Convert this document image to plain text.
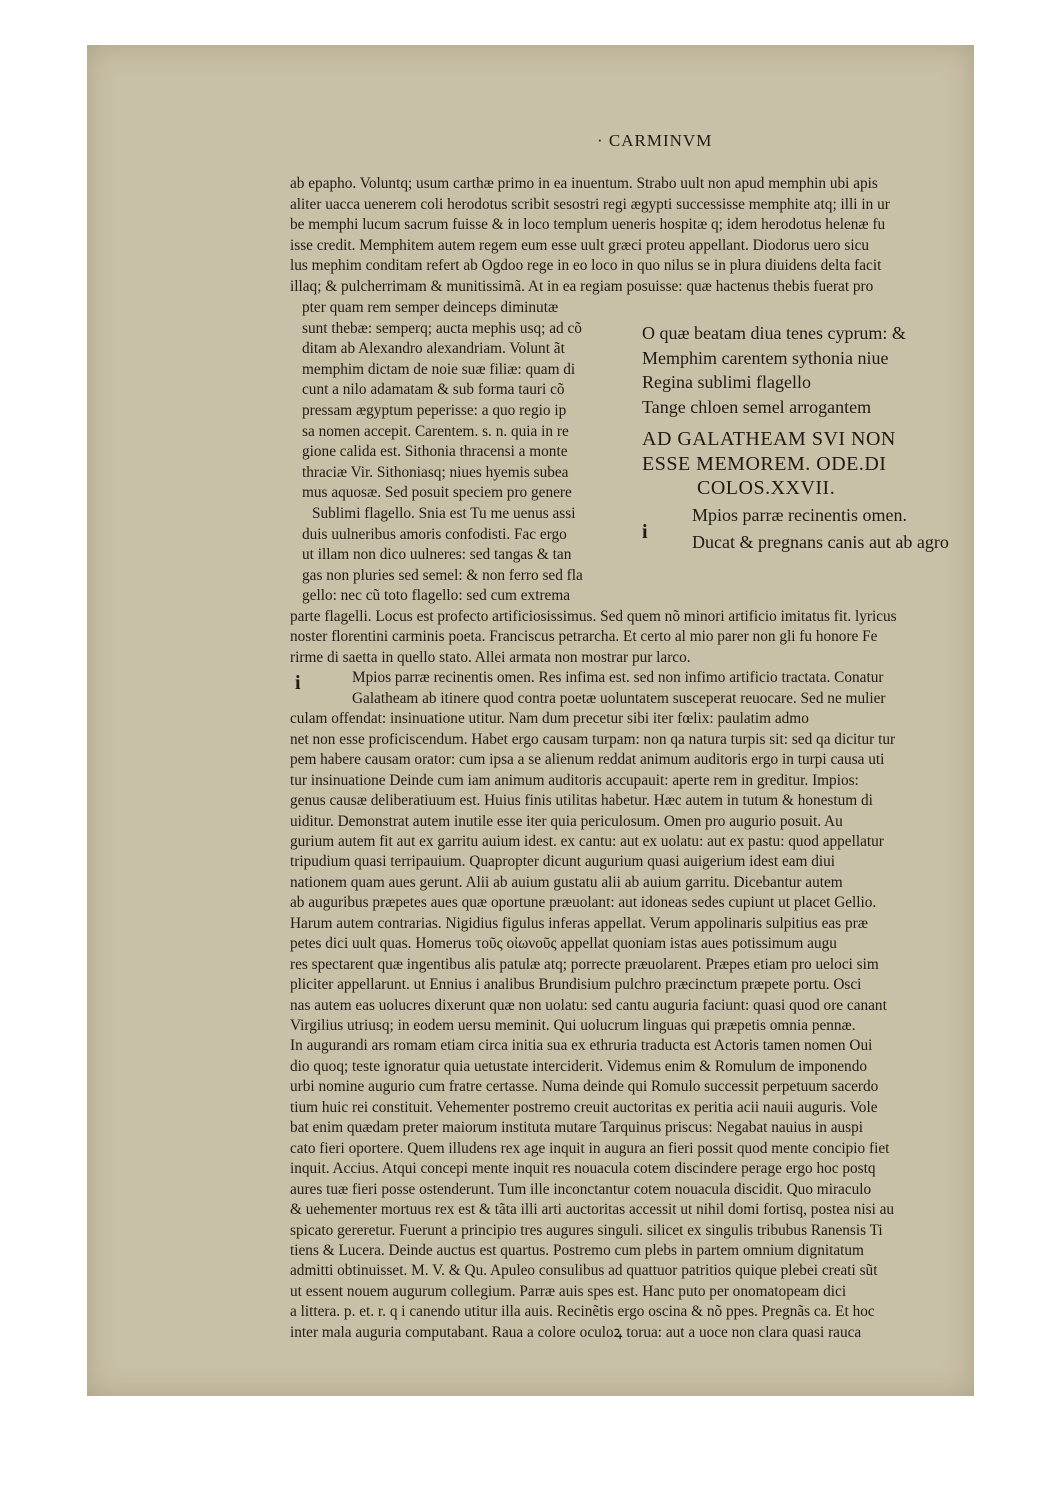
· CARMINVM
ab epapho. Voluntq; usum carthæ primo in ea inuentum. Strabo uult non apud memphin ubi apis
aliter uacca uenerem coli herodotus scribit sesostri regi ægypti successisse memphite atq; illi in ur
be memphi lucum sacrum fuisse & in loco templum ueneris hospitæ q; idem herodotus helenæ fu
isse credit. Memphitem autem regem eum esse uult græci proteu appellant. Diodorus uero sicu
lus mephim conditam refert ab Ogdoo rege in eo loco in quo nilus se in plura diuidens delta facit
illaq; & pulcherrimam & munitissimã. At in ea regiam posuisse: quæ hactenus thebis fuerat pro
pter quam rem semper deinceps diminutæ
sunt thebæ: semperq; aucta mephis usq; ad cõ
ditam ab Alexandro alexandriam. Volunt ãt
memphim dictam de noie suæ filiæ: quam di
cunt a nilo adamatam & sub forma tauri cõ
pressam ægyptum peperisse: a quo regio ip
sa nomen accepit. Carentem. s. n. quia in re
gione calida est. Sithonia thracensi a monte
thraciæ Vir. Sithoniasq; niues hyemis subea
mus aquosæ. Sed posuit speciem pro genere
Sublimi flagello. Snia est Tu me uenus assi
duis uulneribus amoris confodisti. Fac ergo
ut illam non dico uulneres: sed tangas & tan
gas non pluries sed semel: & non ferro sed fla
gello: nec cũ toto flagello: sed cum extrema
O quæ beatam diua tenes cyprum: &
Memphim carentem sythonia niue
Regina sublimi flagello
Tange chloen semel arrogantem
AD GALATHEAM SVI NON
ESSE MEMOREM. ODE.DI
COLOS.XXVII.
Mpios parræ recinentis omen.
Ducat & pregnans canis aut ab agro
i
i
parte flagelli. Locus est profecto artificiosissimus. Sed quem nõ minori artificio imitatus fit. lyricus
noster florentini carminis poeta. Franciscus petrarcha. Et certo al mio parer non gli fu honore Fe
rirme di saetta in quello stato. Allei armata non mostrar pur larco.
Mpios parræ recinentis omen. Res infima est. sed non infimo artificio tractata. Conatur
Galatheam ab itinere quod contra poetæ uoluntatem susceperat reuocare. Sed ne mulier
culam offendat: insinuatione utitur. Nam dum precetur sibi iter fœlix: paulatim admo
net non esse proficiscendum. Habet ergo causam turpam: non qa natura turpis sit: sed qa dicitur tur
pem habere causam orator: cum ipsa a se alienum reddat animum auditoris ergo in turpi causa uti
tur insinuatione Deinde cum iam animum auditoris accupauit: aperte rem in greditur. Impios:
genus causæ deliberatiuum est. Huius finis utilitas habetur. Hæc autem in tutum & honestum di
uiditur. Demonstrat autem inutile esse iter quia periculosum. Omen pro augurio posuit. Au
gurium autem fit aut ex garritu auium idest. ex cantu: aut ex uolatu: aut ex pastu: quod appellatur
tripudium quasi terripauium. Quapropter dicunt augurium quasi auigerium idest eam diui
nationem quam aues gerunt. Alii ab auium gustatu alii ab auium garritu. Dicebantur autem
ab auguribus præpetes aues quæ oportune præuolant: aut idoneas sedes cupiunt ut placet Gellio.
Harum autem contrarias. Nigidius figulus inferas appellat. Verum appolinaris sulpitius eas præ
petes dici uult quas. Homerus τοῦς οἰωνοῦς appellat quoniam istas aues potissimum augu
res spectarent quæ ingentibus alis patulæ atq; porrecte præuolarent. Præpes etiam pro ueloci sim
pliciter appellarunt. ut Ennius i analibus Brundisium pulchro præcinctum præpete portu. Osci
nas autem eas uolucres dixerunt quæ non uolatu: sed cantu auguria faciunt: quasi quod ore canant
Virgilius utriusq; in eodem uersu meminit. Qui uolucrum linguas qui præpetis omnia pennæ.
In augurandi ars romam etiam circa initia sua ex ethruria traducta est Actoris tamen nomen Oui
dio quoq; teste ignoratur quia uetustate interciderit. Videmus enim & Romulum de imponendo
urbi nomine augurio cum fratre certasse. Numa deinde qui Romulo successit perpetuum sacerdo
tium huic rei constituit. Vehementer postremo creuit auctoritas ex peritia acii nauii auguris. Vole
bat enim quædam preter maiorum instituta mutare Tarquinus priscus: Negabat nauius in auspi
cato fieri oportere. Quem illudens rex age inquit in augura an fieri possit quod mente concipio fiet
inquit. Accius. Atqui concepi mente inquit res nouacula cotem discindere perage ergo hoc postq
aures tuæ fieri posse ostenderunt. Tum ille inconctantur cotem nouacula discidit. Quo miraculo
& uehementer mortuus rex est & tãta illi arti auctoritas accessit ut nihil domi fortisq, postea nisi au
spicato gereretur. Fuerunt a principio tres augures singuli. silicet ex singulis tribubus Ranensis Ti
tiens & Lucera. Deinde auctus est quartus. Postremo cum plebs in partem omnium dignitatum
admitti obtinuisset. M. V. & Qu. Apuleo consulibus ad quattuor patritios quique plebei creati sũt
ut essent nouem augurum collegium. Parræ auis spes est. Hanc puto per onomatopeam dici
a littera. p. et. r. q i canendo utitur illa auis. Recinẽtis ergo oscina & nõ ppes. Pregnãs ca. Et hoc
inter mala auguria computabant. Raua a colore oculoꝝ torua: aut a uoce non clara quasi rauca
